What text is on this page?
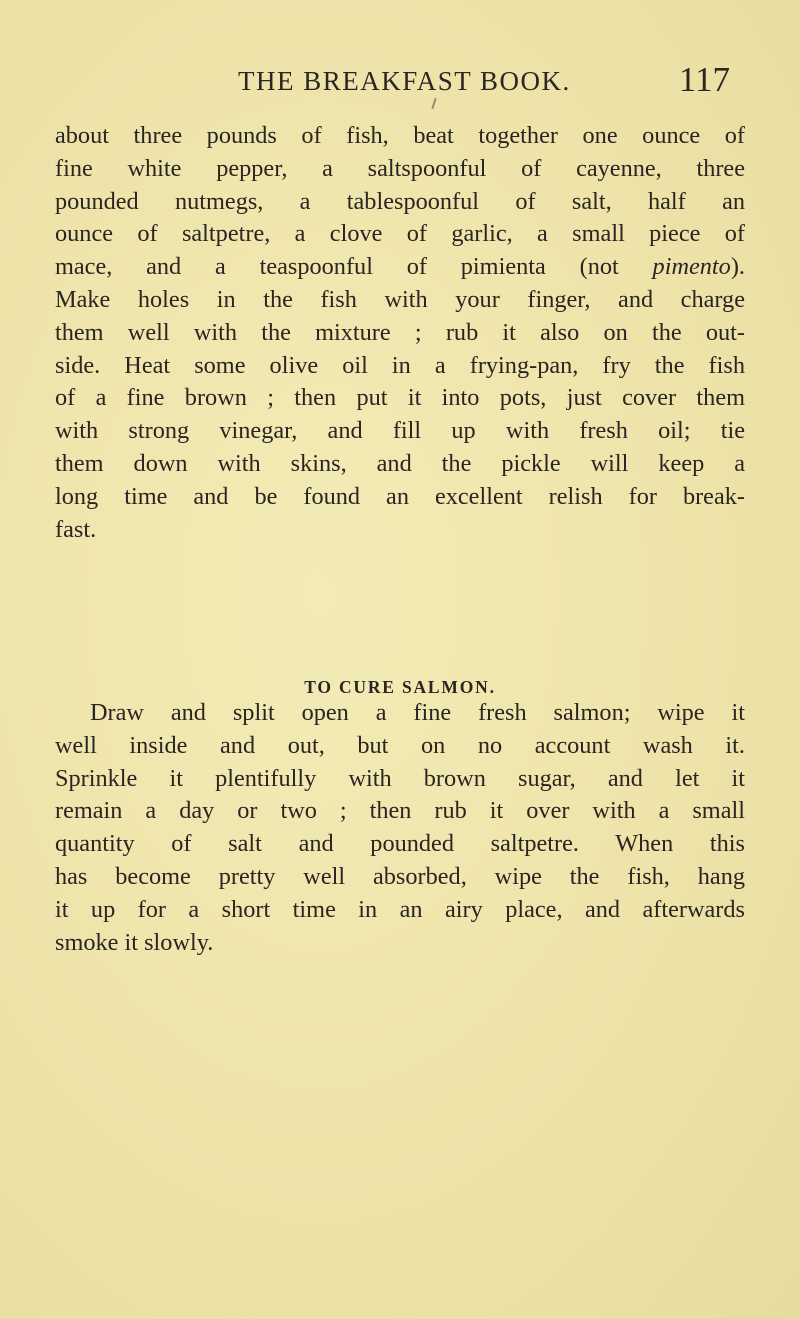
THE BREAKFAST BOOK.	117

about three pounds of fish, beat together one ounce of
fine white pepper, a saltspoonful of cayenne, three
pounded nutmegs, a tablespoonful of salt, half an
ounce of saltpetre, a clove of garlic, a small piece of
mace, and a teaspoonful of pimienta (not pimento).
Make holes in the fish with your finger, and charge
them well with the mixture ; rub it also on the out-
side. Heat some olive oil in a frying-pan, fry the fish
of a fine brown ; then put it into pots, just cover them
with strong vinegar, and fill up with fresh oil; tie
them down with skins, and the pickle will keep a
long time and be found an excellent relish for break-
fast.

TO CURE SALMON.

Draw and split open a fine fresh salmon; wipe it
well inside and out, but on no account wash it.
Sprinkle it plentifully with brown sugar, and let it
remain a day or two ; then rub it over with a small
quantity of salt and pounded saltpetre. When this
has become pretty well absorbed, wipe the fish, hang
it up for a short time in an airy place, and afterwards
smoke it slowly.
